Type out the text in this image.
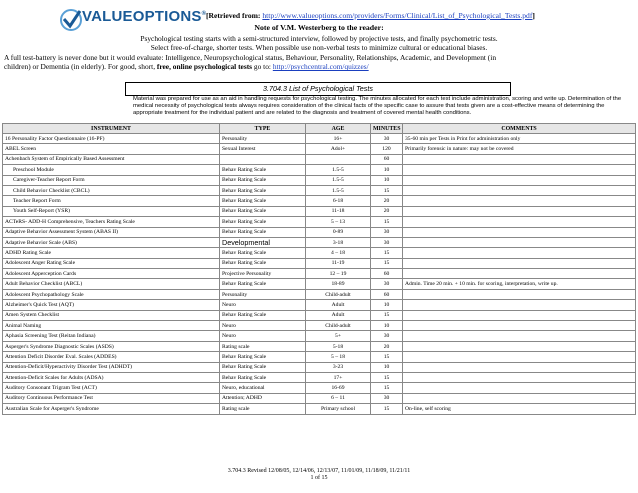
VALUEOPTIONS® [Retrieved from: http://www.valueoptions.com/providers/Forms/Clinical/List_of_Psychological_Tests.pdf]
Note of V.M. Westerberg to the reader:
Psychological testing starts with a semi-structured interview, followed by projective tests, and finally psychometric tests.
Select free-of-charge, shorter tests. When possible use non-verbal tests to minimize cultural or educational biases.
A full test-battery is never done but it would evaluate: Intelligence, Neuropsychological status, Behaviour, Personality, Relationships, Academic, and Development (in
children) or Dementia (in elderly). For good, short, free, online psychological tests go to: http://psychcentral.com/quizzes/
3.704.3 List of Psychological Tests
Material was prepared for use as an aid in handling requests for psychological testing. The minutes allocated for each test include administration, scoring and write up. Determination of the medical necessity of psychological tests always requires consideration of the clinical facts of the specific case to assure that tests given are a cost-effective means of determining the appropriate treatment for the individual patient and are related to the diagnosis and treatment of covered mental health conditions.
INSTRUMENT	TYPE	AGE	MINUTES	COMMENTS
16 Personality Factor Questionnaire (16-PF)	Personality	16+	30	35-60 min per Tests in Print for administration only
ABEL Screen	Sexual Interest	Adol+	120	Primarily forensic in nature: may not be covered
Achenbach System of Empirically Based Assessment			60	
Preschool Module	Behav Rating Scale	1.5-5	10	
Caregiver-Teacher Report Form	Behav Rating Scale	1.5-5	10	
Child Behavior Checklist (CBCL)	Behav Rating Scale	1.5-5	15	
Teacher Report Form	Behav Rating Scale	6-18	20	
Youth Self-Report (YSR)	Behav Rating Scale	11-18	20	
ACTeRS- ADD-H Comprehensive, Teachers Rating Scale	Behav Rating Scale	5 – 13	15	
Adaptive Behavior Assessment System (ABAS II)	Behav Rating Scale	0-89	30	
Adaptive Behavior Scale (ABS)	Developmental	3-18	30	
ADHD Rating Scale	Behav Rating Scale	4 – 18	15	
Adolescent Anger Rating Scale	Behav Rating Scale	11-19	15	
Adolescent Apperception Cards	Projective Personality	12 – 19	60	
Adult Behavior Checklist (ABCL)	Behav Rating Scale	18-89	30	Admin. Time 20 min. + 10 min. for scoring, interpretation, write up.
Adolescent Psychopathology Scale	Personality	Child-adult	60	
Alzheimer's Quick Test (AQT)	Neuro	Adult	10	
Amen System Checklist	Behav Rating Scale	Adult	15	
Animal Naming	Neuro	Child-adult	10	
Aphasia Screening Test (Reitan Indiana)	Neuro	5+	30	
Asperger's Syndrome Diagnostic Scales (ASDS)	Rating scale	5-18	20	
Attention Deficit Disorder Eval. Scales (ADDES)	Behav Rating Scale	5 – 18	15	
Attention-Deficit/Hyperactivity Disorder Test (ADHDT)	Behav Rating Scale	3-23	10	
Attention-Deficit Scales for Adults (ADSA)	Behav Rating Scale	17+	15	
Auditory Consonant Trigram Test (ACT)	Neuro, educational	16-69	15	
Auditory Continuous Performance Test	Attention; ADHD	6 – 11	30	
Australian Scale for Asperger's Syndrome	Rating scale	Primary school	15	On-line, self scoring
3.704.3 Revised 12/08/05, 12/14/06, 12/13/07, 11/01/09, 11/18/09, 11/21/11
1 of 15
